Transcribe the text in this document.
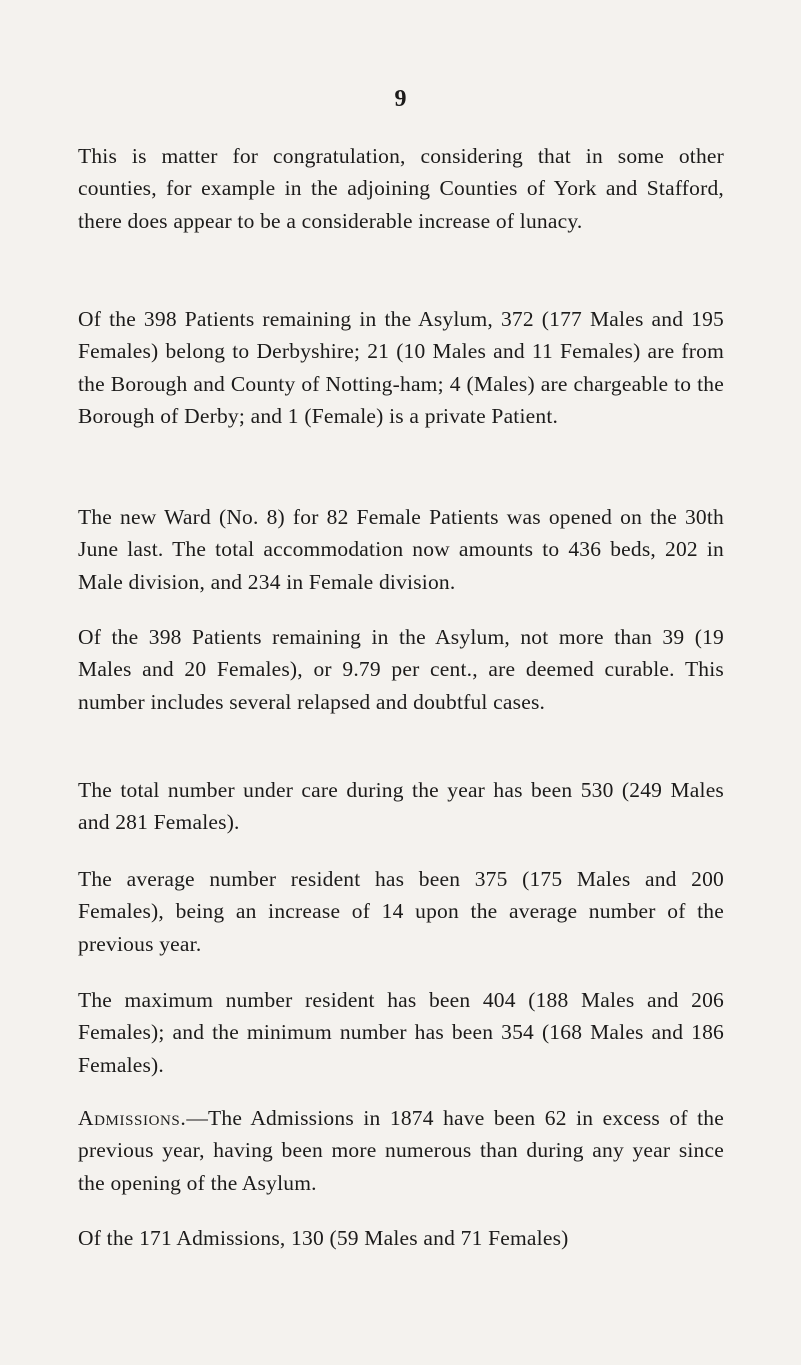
9

This is matter for congratulation, considering that in some other counties, for example in the adjoining Counties of York and Stafford, there does appear to be a considerable increase of lunacy.

Of the 398 Patients remaining in the Asylum, 372 (177 Males and 195 Females) belong to Derbyshire; 21 (10 Males and 11 Females) are from the Borough and County of Notting-ham; 4 (Males) are chargeable to the Borough of Derby; and 1 (Female) is a private Patient.

The new Ward (No. 8) for 82 Female Patients was opened on the 30th June last. The total accommodation now amounts to 436 beds, 202 in Male division, and 234 in Female division.

Of the 398 Patients remaining in the Asylum, not more than 39 (19 Males and 20 Females), or 9.79 per cent., are deemed curable. This number includes several relapsed and doubtful cases.

The total number under care during the year has been 530 (249 Males and 281 Females).

The average number resident has been 375 (175 Males and 200 Females), being an increase of 14 upon the average number of the previous year.

The maximum number resident has been 404 (188 Males and 206 Females); and the minimum number has been 354 (168 Males and 186 Females).

Admissions.—The Admissions in 1874 have been 62 in excess of the previous year, having been more numerous than during any year since the opening of the Asylum.

Of the 171 Admissions, 130 (59 Males and 71 Females)
